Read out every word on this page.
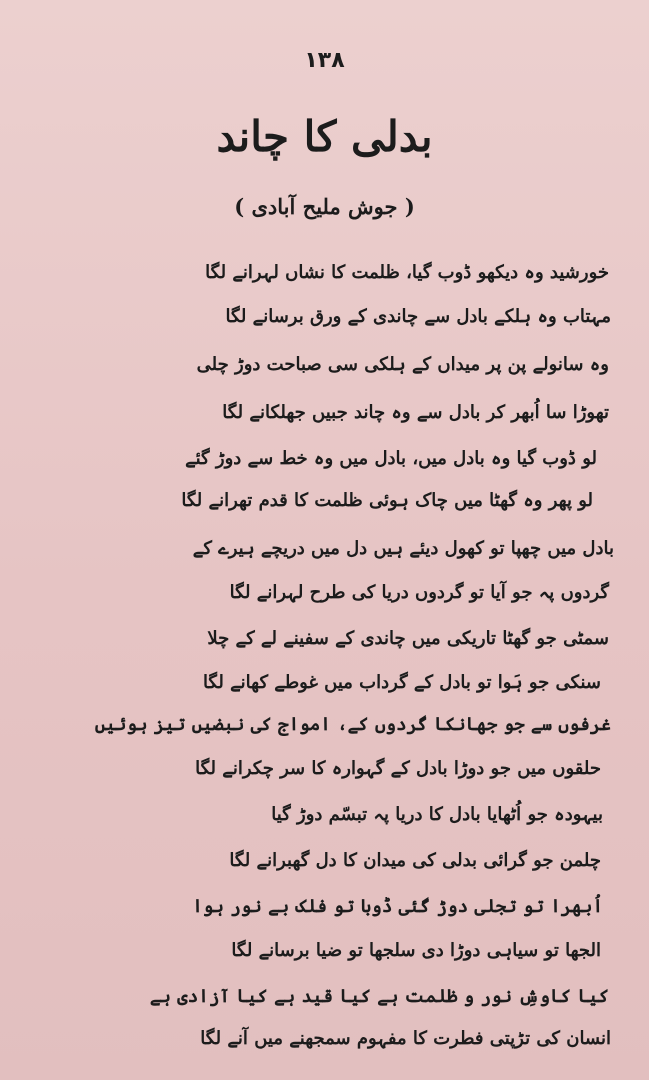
۱۳۸
بدلی کا چاند
( جوش ملیح آبادی )
خورشید وہ دیکھو ڈوب گیا، ظلمت کا نشاں لہرانے لگا
مہتاب وہ ہلکے بادل سے چاندی کے ورق برسانے لگا
وہ سانولے پن پر میداں کے ہلکی سی صباحت دوڑ چلی
تھوڑا سا اُبھر کر بادل سے وہ چاند جبیں جھلکانے لگا
لو ڈوب گیا وہ بادل میں، بادل میں وہ خط سے دوڑ گئے
لو پھر وہ گھٹا میں چاک ہوئی ظلمت کا قدم تھرانے لگا
بادل میں چھپا تو کھول دیئے ہیں دل میں دریچے ہیرے کے
گردوں پہ جو آیا تو گردوں دریا کی طرح لہرانے لگا
سمٹی جو گھٹا تاریکی میں چاندی کے سفینے لے کے چلا
سنکی جو ہَوا تو بادل کے گرداب میں غوطے کھانے لگا
غرفوں سے جو جھانکا گردوں کے، امواج کی نبضیں تیز ہوئیں
حلقوں میں جو دوڑا بادل کے گہوارہ کا سر چکرانے لگا
بیہودہ جو اُٹھایا بادل کا دریا پہ تبسّم دوڑ گیا
چلمن جو گرائی بدلی کی میدان کا دل گھبرانے لگا
اُبھرا تو تجلی دوڑ گئی ڈوبا تو فلک بے نور ہوا
الجھا تو سیاہی دوڑا دی سلجھا تو ضیا برسانے لگا
کیا کاوشِ نور و ظلمت ہے کیا قید ہے کیا آزادی ہے
انسان کی تڑپتی فطرت کا مفہوم سمجھنے میں آنے لگا
